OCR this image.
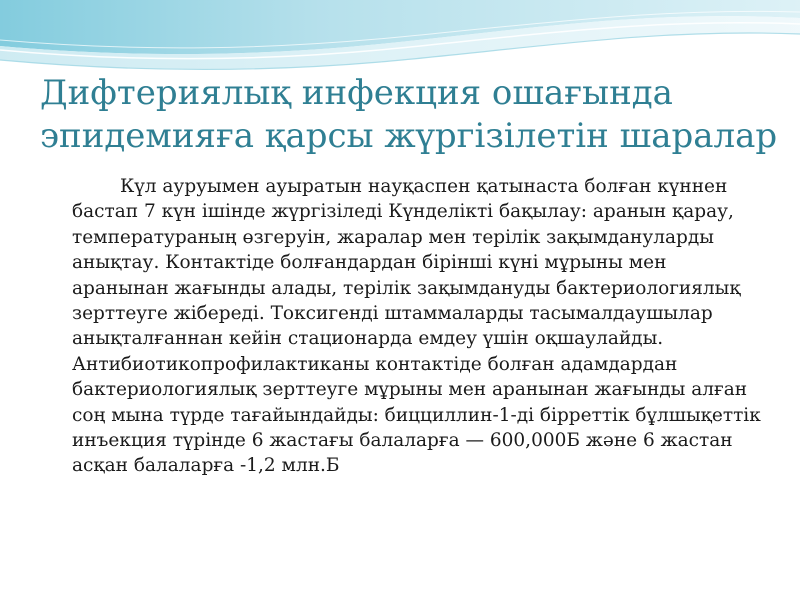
Дифтериялық инфекция ошағында
эпидемияға қарсы жүргізілетін шаралар

Күл ауруымен ауыратын науқаспен қатынаста болған күннен бастап 7 күн ішінде жүргізіледі Күнделікті бақылау: аранын қарау, температураның өзгеруін, жаралар мен терілік зақымдануларды анықтау. Контактіде болғандардан бірінші күні мұрыны мен аранынан жағынды алады, терілік зақымдануды бактериологиялық зерттеуге жібереді. Токсигенді штаммаларды тасымалдаушылар анықталғаннан кейін стационарда емдеу үшін оқшаулайды. Антибиотикопрофилактиканы контактіде болған адамдардан бактериологиялық зерттеуге мұрыны мен аранынан жағынды алған соң мына түрде тағайындайды: бицциллин-1-ді бірреттік бұлшықеттік инъекция түрінде 6 жастағы балаларға — 600,000Б және 6 жастан асқан балаларға -1,2 млн.Б
